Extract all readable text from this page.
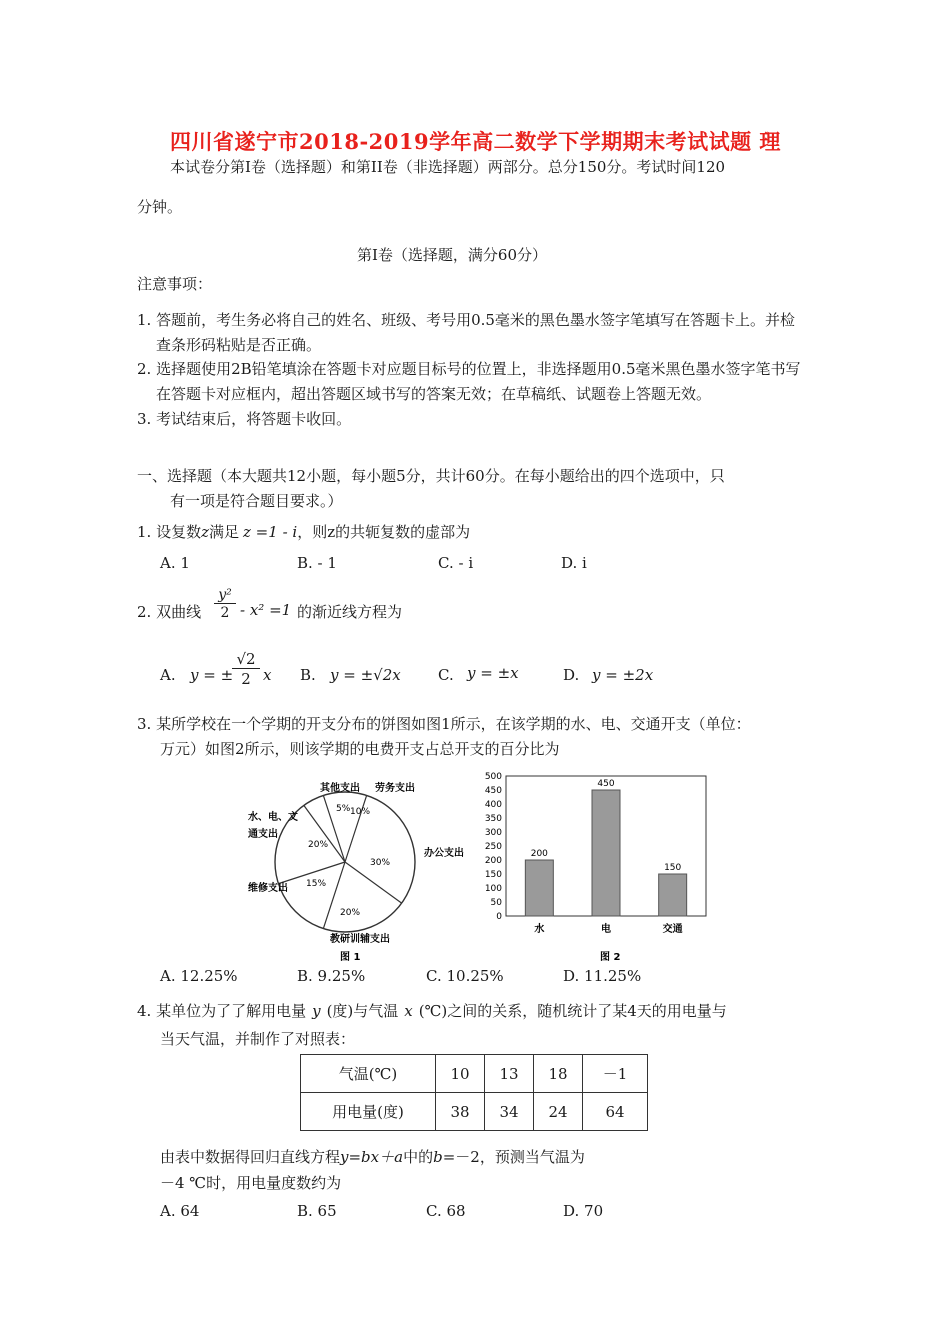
四川省遂宁市2018-2019学年高二数学下学期期末考试试题 理
本试卷分第Ⅰ卷（选择题）和第II卷（非选择题）两部分。总分150分。考试时间120
分钟。
第Ⅰ卷（选择题，满分60分）
注意事项：
1. 答题前，考生务必将自己的姓名、班级、考号用0.5毫米的黑色墨水签字笔填写在答题卡上。并检
查条形码粘贴是否正确。
2. 选择题使用2B铅笔填涂在答题卡对应题目标号的位置上，非选择题用0.5毫米黑色墨水签字笔书写
在答题卡对应框内，超出答题区域书写的答案无效；在草稿纸、试题卷上答题无效。
3. 考试结束后，将答题卡收回。
一、选择题（本大题共12小题，每小题5分，共计60分。在每小题给出的四个选项中，只
有一项是符合题目要求。）
1. 设复数z满足 z =1 - i，则z的共轭复数的虚部为
A. 1	B. - 1	C. - i	D. i
2. 双曲线 $\frac{\text{y²}}{2} - x^2 =1$ 的渐近线方程为
A. y = ±
$\frac{√2}{2}$ x B. y = ±√2x C. y = ±x	D. y = ±2x
3. 某所学校在一个学期的开支分布的饼图如图1所示，在该学期的水、电、交通开支（单位：
万元）如图2所示，则该学期的电费开支占总开支的百分比为
10%
30%
20%
15%
20%
5%
劳务支出
办公支出
教研训辅支出
维修支出
水、电、文
通支出
其他支出
图 1
0
50
100
150
200
250
300
350
400
450
500
200
水
450
电
150
交通
图 2
A. 12.25%	B. 9.25%	C. 10.25%	D. 11.25%
4. 某单位为了了解用电量 y (度)与气温 x (℃)之间的关系，随机统计了某4天的用电量与
当天气温，并制作了对照表：
气温(℃)	10	13	18	－1
用电量(度)	38	34	24	64
由表中数据得回归直线方程y=bx＋a中的b=－2，预测当气温为
－4 ℃时，用电量度数约为
A. 64	B. 65	C. 68	D. 70
